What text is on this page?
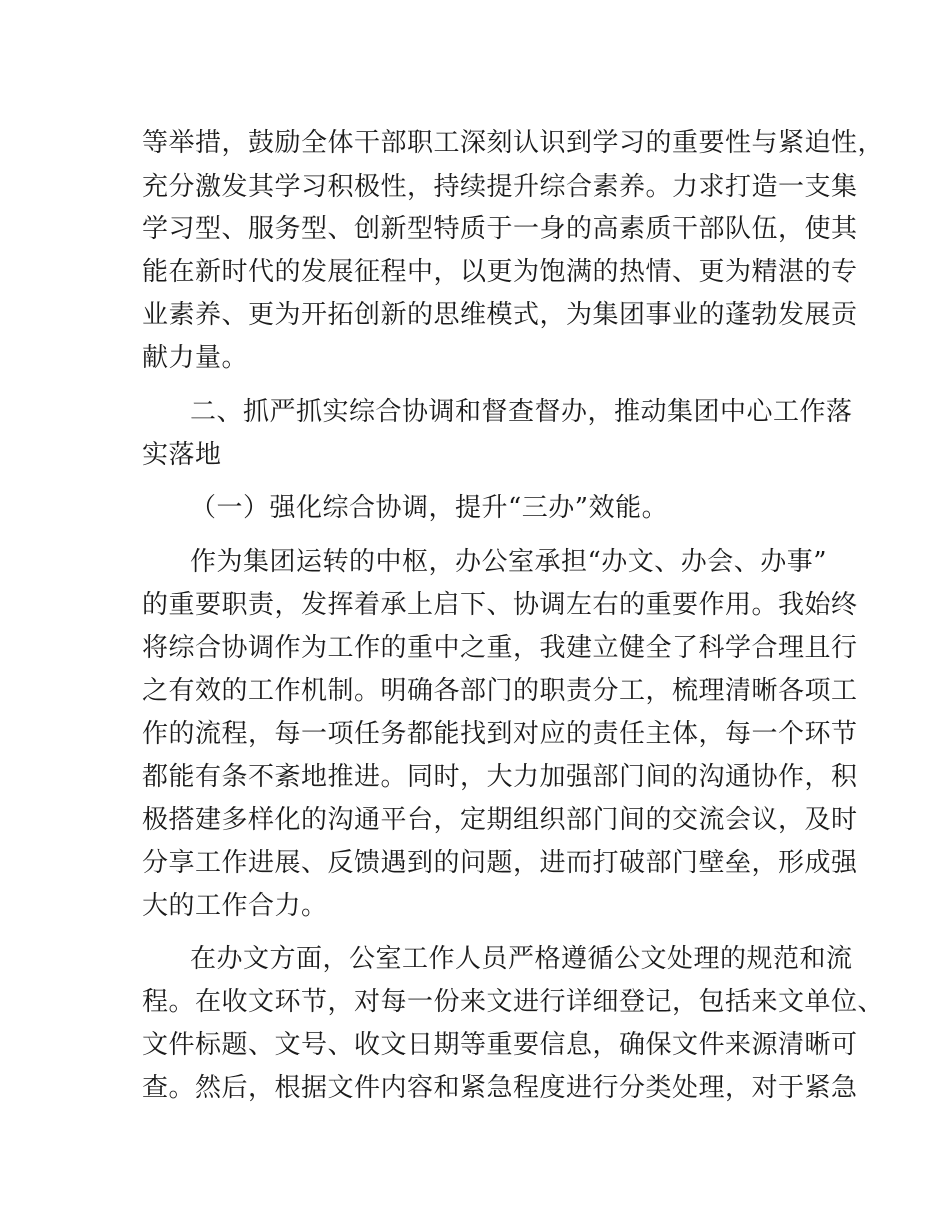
等举措，鼓励全体干部职工深刻认识到学习的重要性与紧迫性，
充分激发其学习积极性，持续提升综合素养。力求打造一支集
学习型、服务型、创新型特质于一身的高素质干部队伍，使其
能在新时代的发展征程中，以更为饱满的热情、更为精湛的专
业素养、更为开拓创新的思维模式，为集团事业的蓬勃发展贡
献力量。
二、抓严抓实综合协调和督查督办，推动集团中心工作落
实落地
（一）强化综合协调，提升“三办”效能。
作为集团运转的中枢，办公室承担“办文、办会、办事”
的重要职责，发挥着承上启下、协调左右的重要作用。我始终
将综合协调作为工作的重中之重，我建立健全了科学合理且行
之有效的工作机制。明确各部门的职责分工，梳理清晰各项工
作的流程，每一项任务都能找到对应的责任主体，每一个环节
都能有条不紊地推进。同时，大力加强部门间的沟通协作，积
极搭建多样化的沟通平台，定期组织部门间的交流会议，及时
分享工作进展、反馈遇到的问题，进而打破部门壁垒，形成强
大的工作合力。
在办文方面，公室工作人员严格遵循公文处理的规范和流
程。在收文环节，对每一份来文进行详细登记，包括来文单位、
文件标题、文号、收文日期等重要信息，确保文件来源清晰可
查。然后，根据文件内容和紧急程度进行分类处理，对于紧急
